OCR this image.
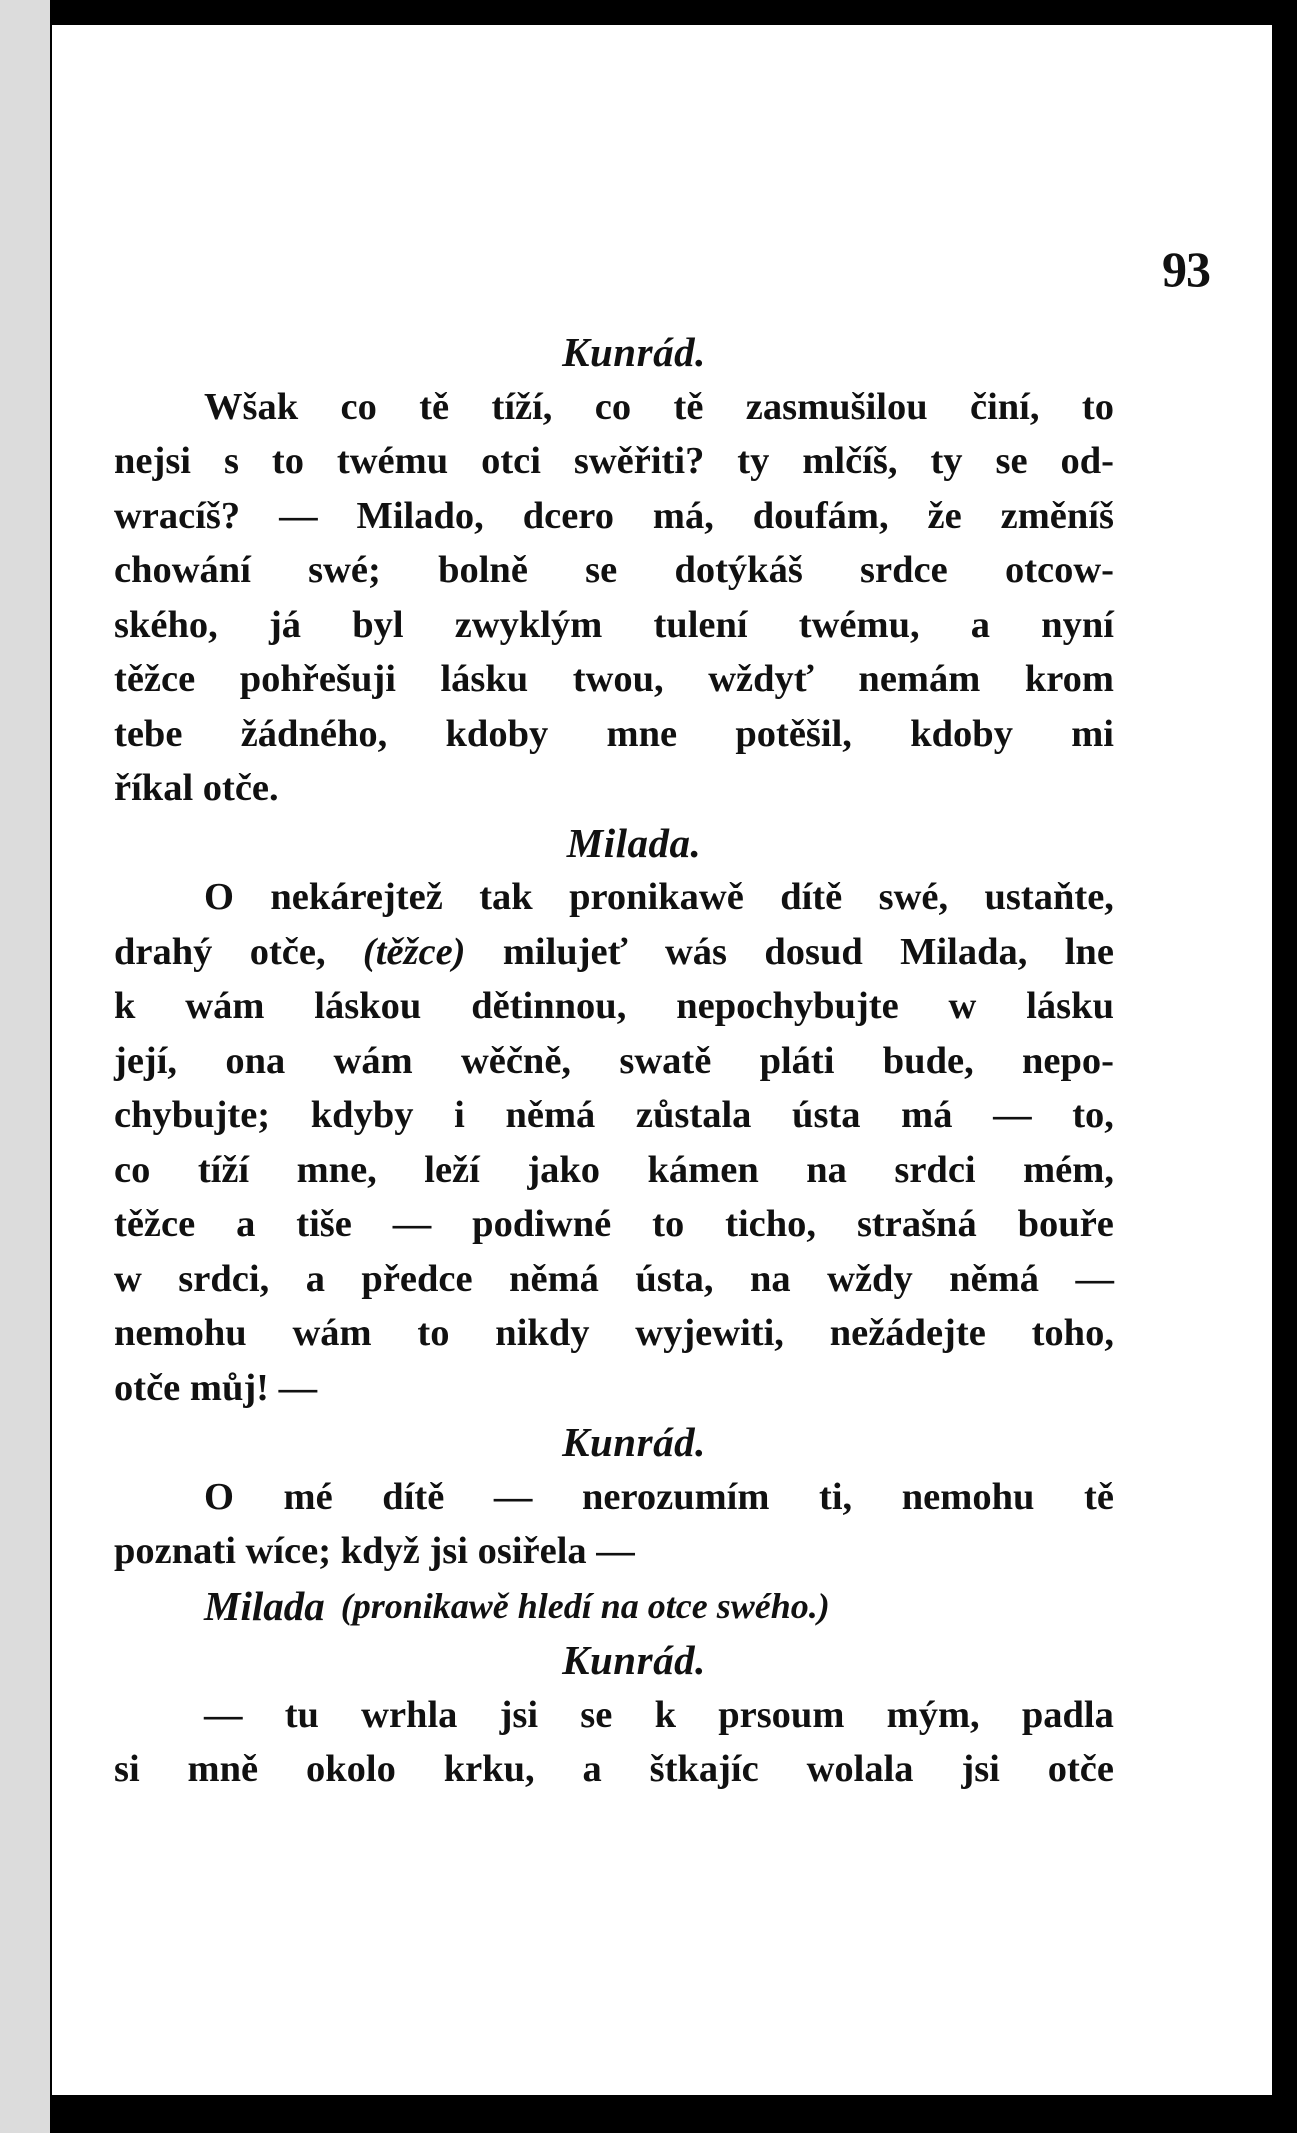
93
Kunrád.
Wšak co tě tíží, co tě zasmušilou činí, to
nejsi s to twému otci swěřiti? ty mlčíš, ty se od-
wracíš? — Milado, dcero má, doufám, že změníš
chowání swé; bolně se dotýkáš srdce otcow-
ského, já byl zwyklým tulení twému, a nyní
těžce pohřešuji lásku twou, wždyť nemám krom
tebe žádného, kdoby mne potěšil, kdoby mi
říkal otče.
Milada.
O nekárejtež tak pronikawě dítě swé, ustaňte,
drahý otče, (těžce) milujeť wás dosud Milada, lne
k wám láskou dětinnou, nepochybujte w lásku
její, ona wám wěčně, swatě pláti bude, nepo-
chybujte; kdyby i němá zůstala ústa má — to,
co tíží mne, leží jako kámen na srdci mém,
těžce a tiše — podiwné to ticho, strašná bouře
w srdci, a předce němá ústa, na wždy němá —
nemohu wám to nikdy wyjewiti, nežádejte toho,
otče můj! —
Kunrád.
O mé dítě — nerozumím ti, nemohu tě
poznati wíce; když jsi osiřela —
Milada (pronikawě hledí na otce swého.)
Kunrád.
— tu wrhla jsi se k prsoum mým, padla
si mně okolo krku, a štkajíc wolala jsi otče
